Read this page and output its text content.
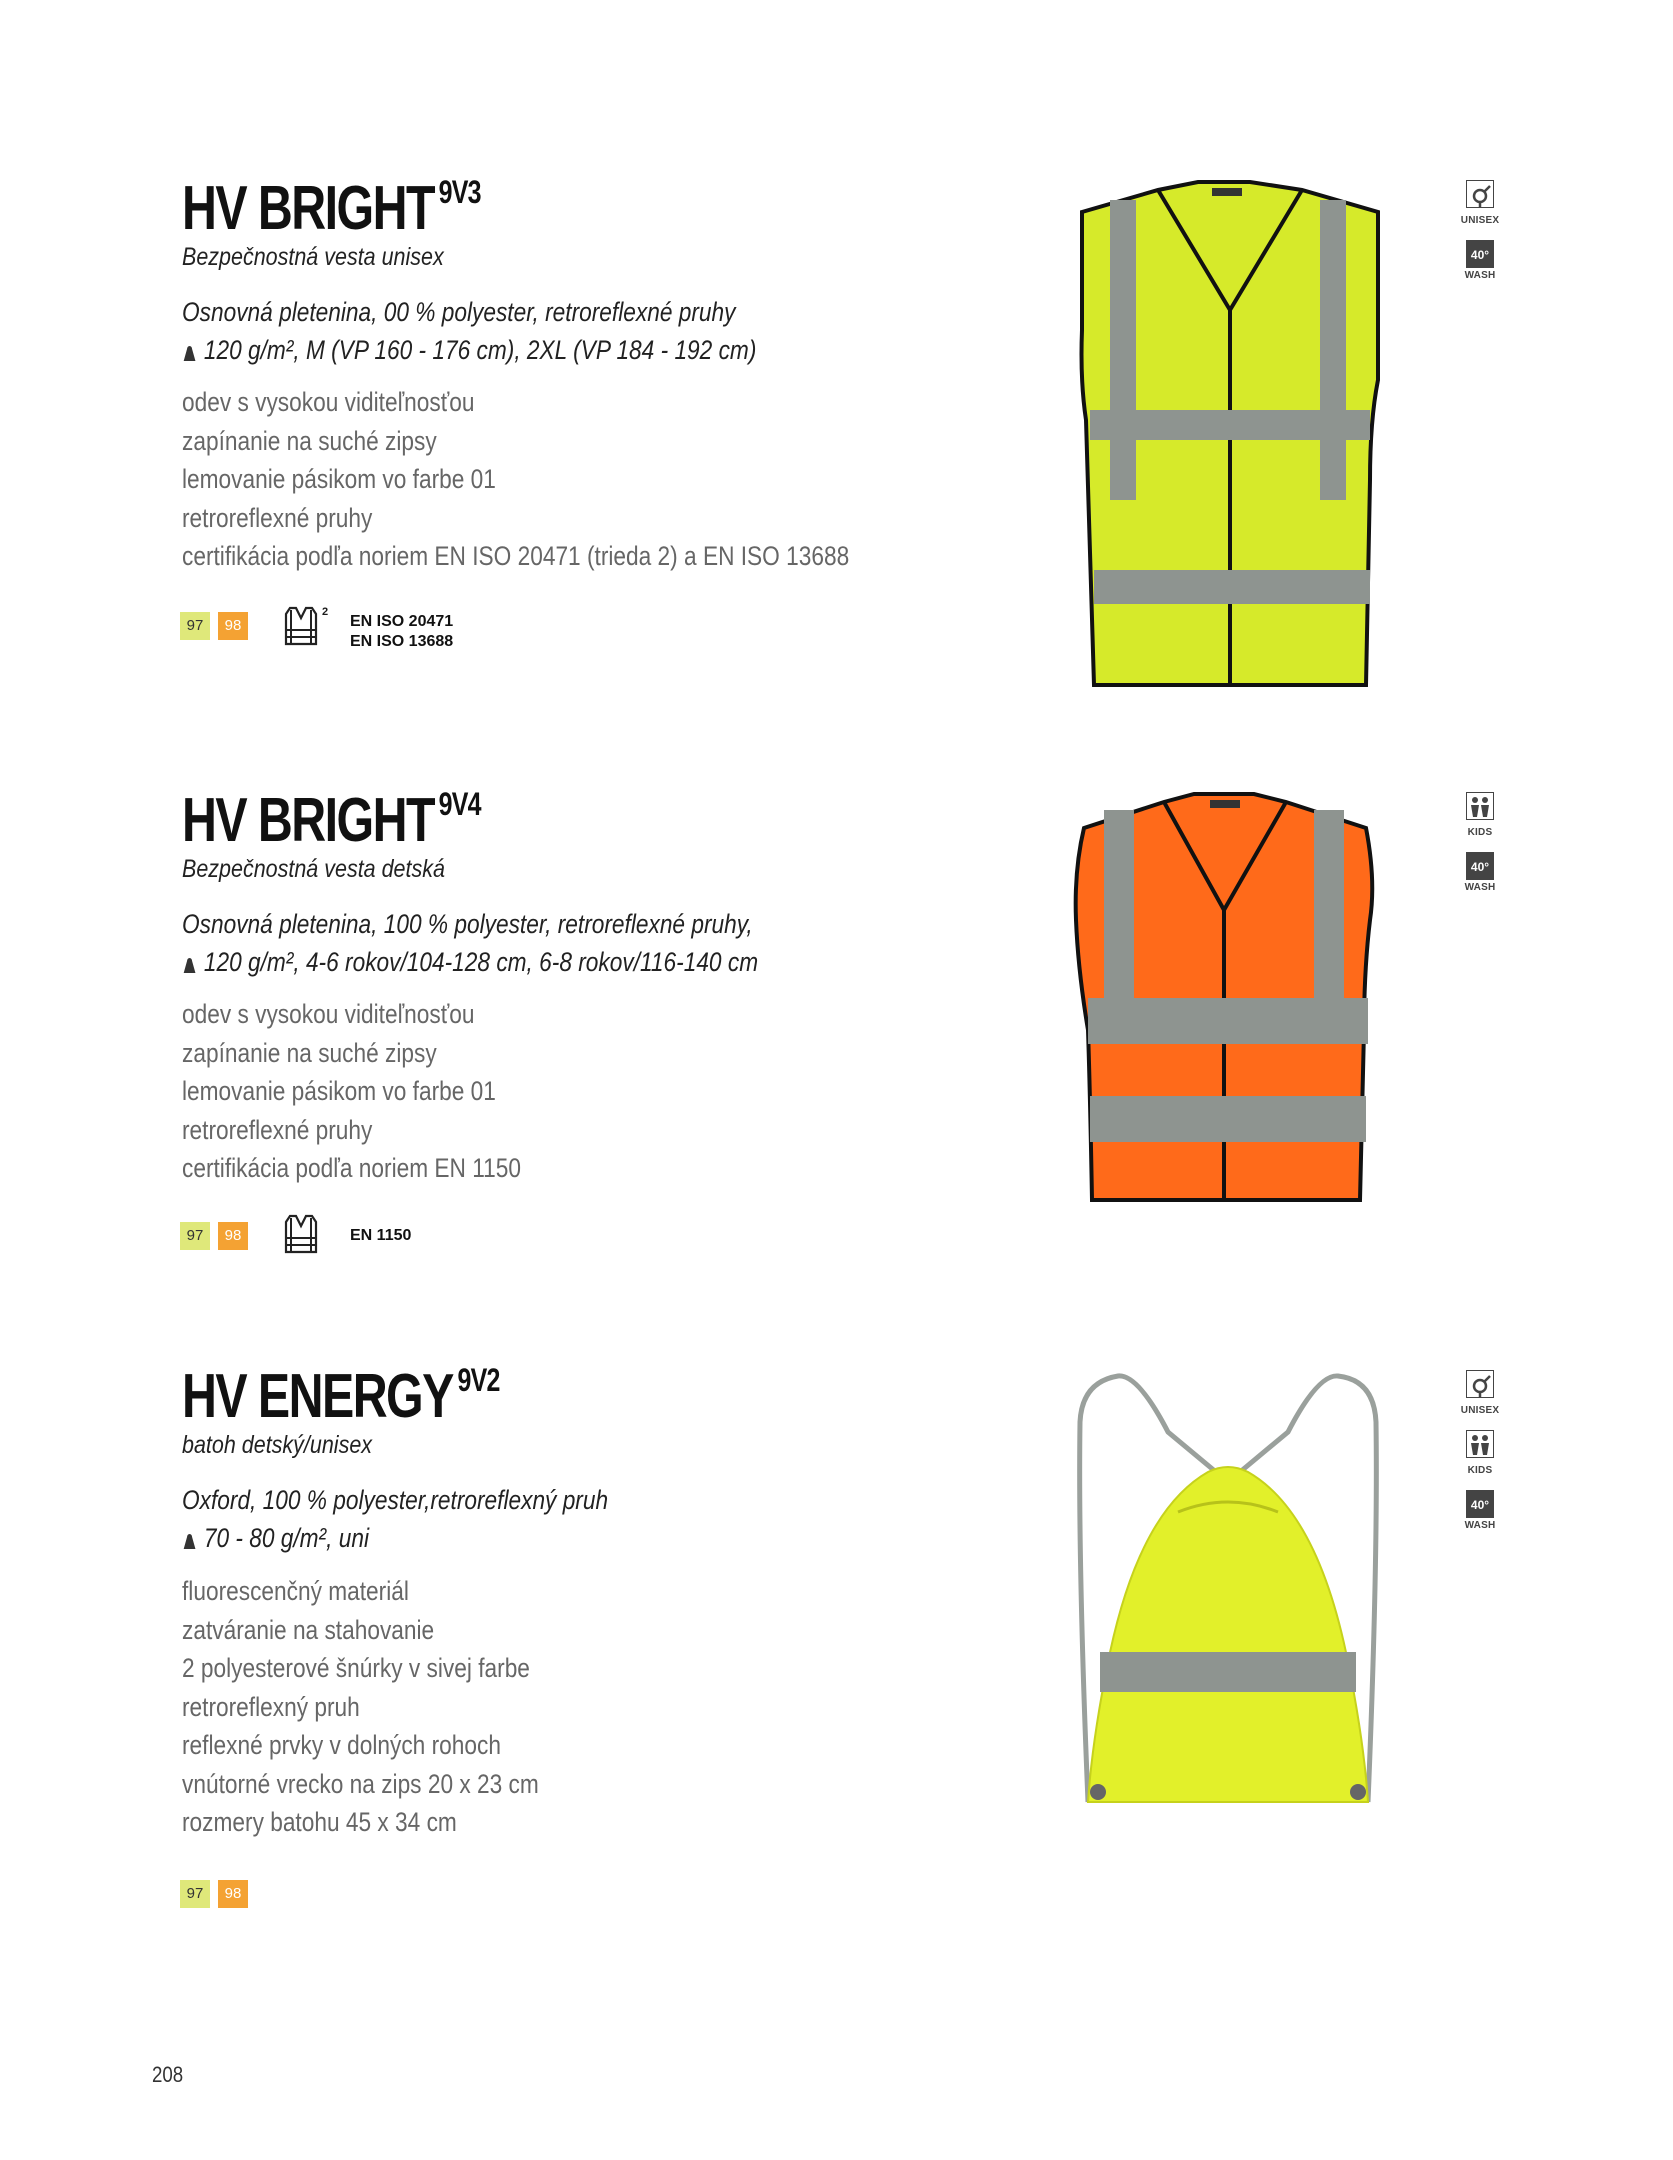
HV BRIGHT $^{9V3}$
Bezpečnostná vesta unisex
Osnovná pletenina, 00 % polyester, retroreflexné pruhy
120 g/m², M (VP 160 - 176 cm), 2XL (VP 184 - 192 cm)
odev s vysokou viditeľnosťou
zapínanie na suché zipsy
lemovanie pásikom vo farbe 01
retroreflexné pruhy
certifikácia podľa noriem EN ISO 20471 (trieda 2) a EN ISO 13688
97	98
2
EN ISO 20471
EN ISO 13688
UNISEX
40°
WASH
HV BRIGHT $^{9V4}$
Bezpečnostná vesta detská
Osnovná pletenina, 100 % polyester, retroreflexné pruhy,
120 g/m², 4-6 rokov/104-128 cm, 6-8 rokov/116-140 cm
odev s vysokou viditeľnosťou
zapínanie na suché zipsy
lemovanie pásikom vo farbe 01
retroreflexné pruhy
certifikácia podľa noriem EN 1150
97	98	EN 1150
KIDS
40°
WASH
HV ENERGY $^{9V2}$
batoh detský/unisex
Oxford, 100 % polyester,retroreflexný pruh
70 - 80 g/m², uni
fluorescenčný materiál
zatváranie na stahovanie
2 polyesterové šnúrky v sivej farbe
retroreflexný pruh
reflexné prvky v dolných rohoch
vnútorné vrecko na zips 20 x 23 cm
rozmery batohu 45 x 34 cm
97	98
UNISEX
KIDS
40°
WASH
208
